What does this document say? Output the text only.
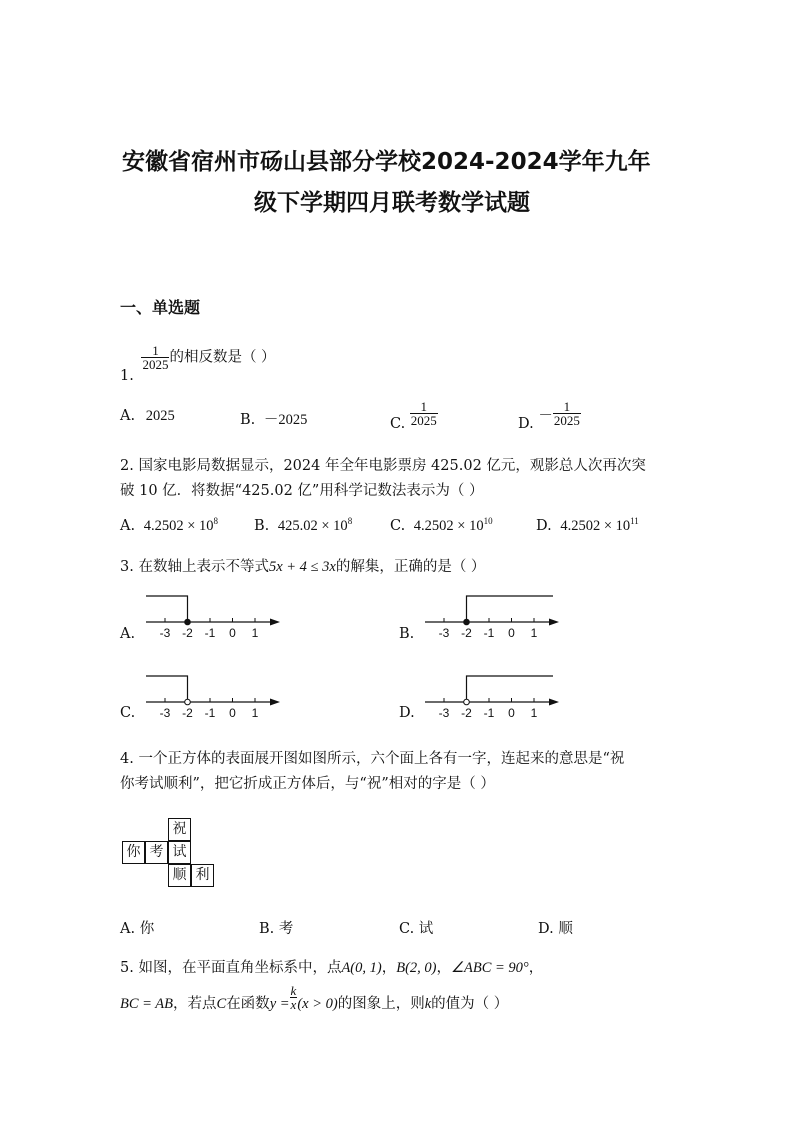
安徽省宿州市砀山县部分学校2024-2024学年九年
级下学期四月联考数学试题
一、单选题
1.
$\frac{1}{2025}$ 的相反数是（ ）
A. 2025	B. －2025	C. $\frac{1}{2025}$	D. － $\frac{1}{2025}$
2. 国家电影局数据显示，2024 年全年电影票房 425.02 亿元，观影总人次再次突
破 10 亿．将数据“425.02 亿”用科学记数法表示为（ ）
A. $4.2502 \times 10^8$ B. $425.02 \times 10^8$	C. $4.2502 \times 10^{10}$	D. $4.2502 \times 10^{11}$
3. 在数轴上表示不等式5x + 4 ≤ 3x的解集，正确的是（ ）
A.	B.
C.	D.
-3 -2 -1 0 1	-3 -2 -1 0 1
-3 -2 -1 0 1	-3 -2 -1 0 1
4. 一个正方体的表面展开图如图所示，六个面上各有一字，连起来的意思是“祝
你考试顺利”，把它折成正方体后，与“祝”相对的字是（ ）
祝
你 考 试
顺 利
A. 你	B. 考	C. 试	D. 顺
5. 如图，在平面直角坐标系中，点A(0, 1)，B(2, 0)，∠ABC = 90°，
BC = AB，若点C在函数$y = \frac{k}{x} (x > 0)$的图象上，则k的值为（ ）
